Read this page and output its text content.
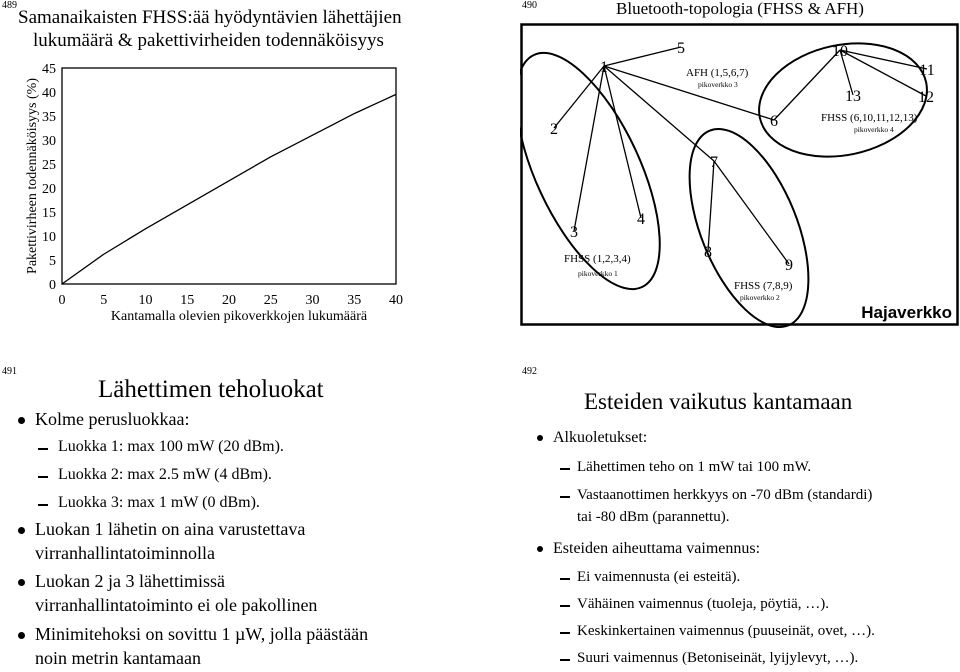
489	490
491	492
Samanaikaisten FHSS:ää hyödyntävien lähettäjien
lukumäärä & pakettivirheiden todennäköisyys
0
5
10
15
20
25
30
35
40
45
0 5 10 15 20 25 30 35 40
Kantamalla olevien pikoverkkojen lukumäärä
Pakettivirheen todennäköisyys (%)
Bluetooth-topologia (FHSS & AFH)
Hajaverkko
1
2
3
4
5
6
7
8
9
10
11
12
13
FHSS (1,2,3,4)
pikoverkko 1
FHSS (7,8,9)
pikoverkko 2
AFH (1,5,6,7)
pikoverkko 3
FHSS (6,10,11,12,13)
pikoverkko 4
Lähettimen teholuokat
Kolme perusluokkaa:
Luokka 1: max 100 mW (20 dBm).
Luokka 2: max 2.5 mW (4 dBm).
Luokka 3: max 1 mW (0 dBm).
Luokan 1 lähetin on aina varustettava
virranhallintatoiminnolla
Luokan 2 ja 3 lähettimissä
virranhallintatoiminto ei ole pakollinen
Minimitehoksi on sovittu 1 µW, jolla päästään
noin metrin kantamaan
Esteiden vaikutus kantamaan
Alkuoletukset:
Lähettimen teho on 1 mW tai 100 mW.
Vastaanottimen herkkyys on -70 dBm (standardi)
tai -80 dBm (parannettu).
Esteiden aiheuttama vaimennus:
Ei vaimennusta (ei esteitä).
Vähäinen vaimennus (tuoleja, pöytiä, …).
Keskinkertainen vaimennus (puuseinät, ovet, …).
Suuri vaimennus (Betoniseinät, lyijylevyt, …).
